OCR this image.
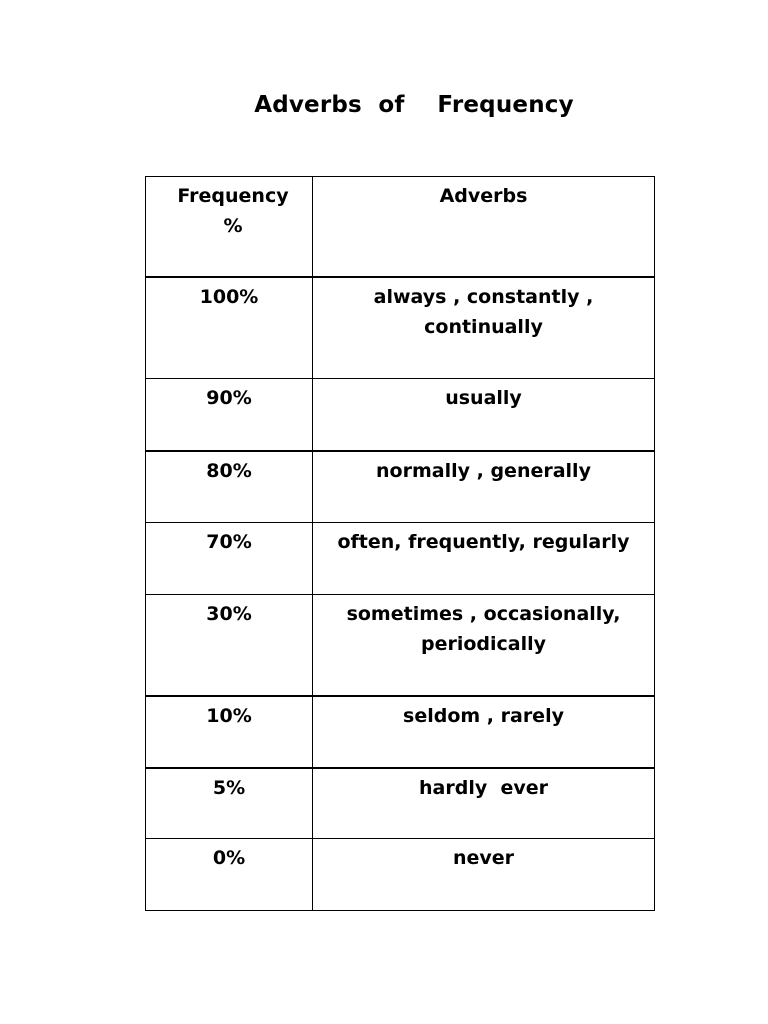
Adverbs  of    Frequency
Frequency
%	Adverbs
100%	always , constantly ,
continually
90%	usually
80%	normally , generally
70%	often, frequently, regularly
30%	sometimes , occasionally,
periodically
10%	seldom , rarely
5%	hardly  ever
0%	never
